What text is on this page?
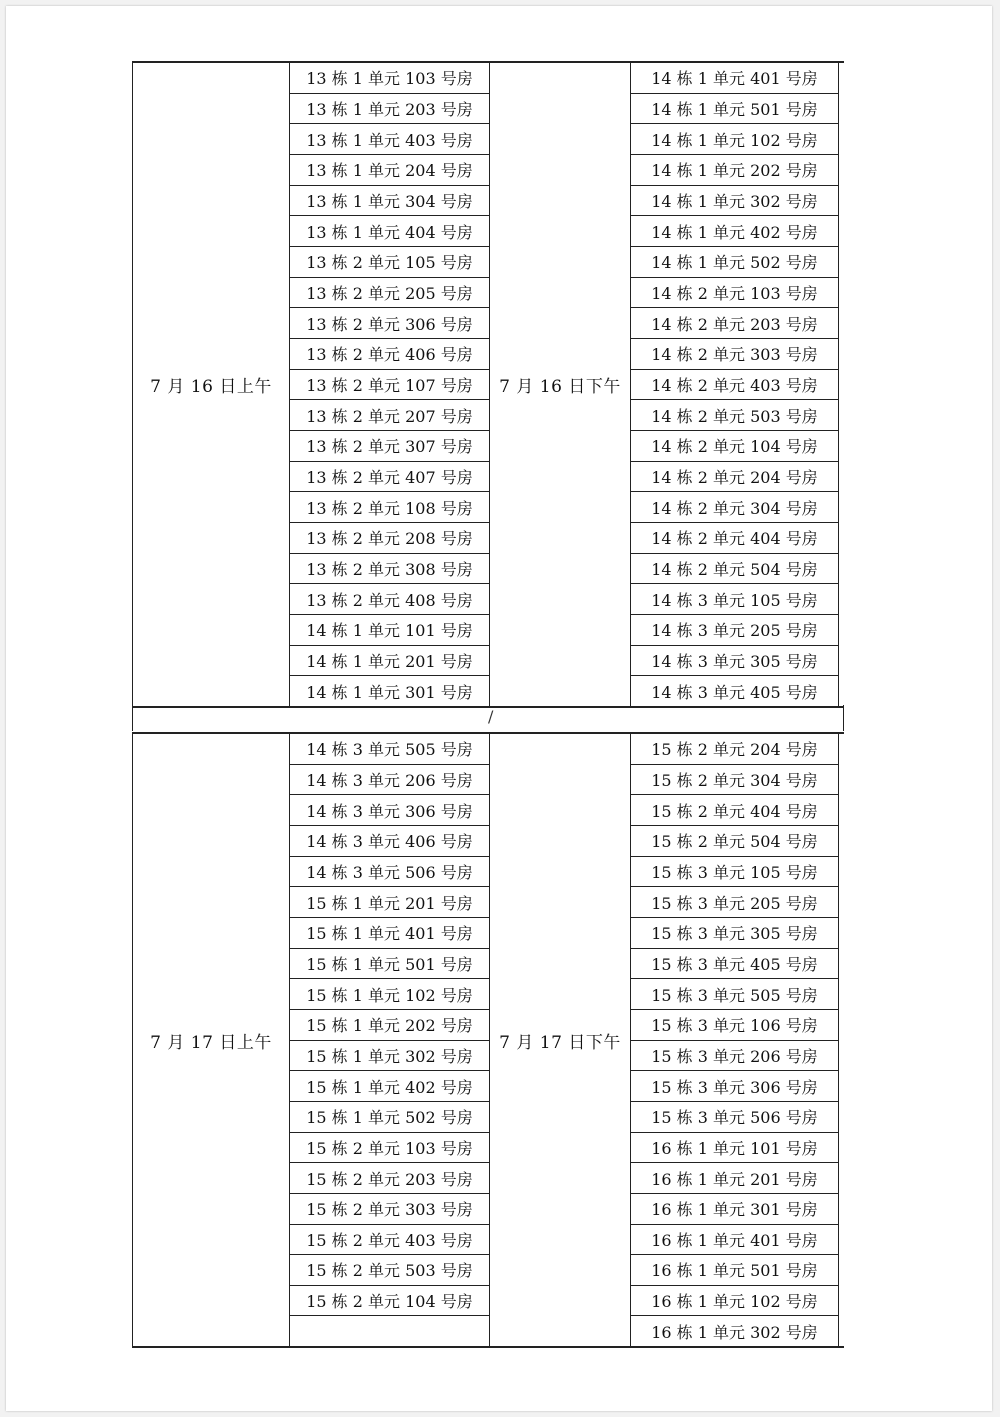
7 月 16 日上午
13 栋 1 单元 103 号房
13 栋 1 单元 203 号房
13 栋 1 单元 403 号房
13 栋 1 单元 204 号房
13 栋 1 单元 304 号房
13 栋 1 单元 404 号房
13 栋 2 单元 105 号房
13 栋 2 单元 205 号房
13 栋 2 单元 306 号房
13 栋 2 单元 406 号房
13 栋 2 单元 107 号房
13 栋 2 单元 207 号房
13 栋 2 单元 307 号房
13 栋 2 单元 407 号房
13 栋 2 单元 108 号房
13 栋 2 单元 208 号房
13 栋 2 单元 308 号房
13 栋 2 单元 408 号房
14 栋 1 单元 101 号房
14 栋 1 单元 201 号房
14 栋 1 单元 301 号房
7 月 16 日下午
14 栋 1 单元 401 号房
14 栋 1 单元 501 号房
14 栋 1 单元 102 号房
14 栋 1 单元 202 号房
14 栋 1 单元 302 号房
14 栋 1 单元 402 号房
14 栋 1 单元 502 号房
14 栋 2 单元 103 号房
14 栋 2 单元 203 号房
14 栋 2 单元 303 号房
14 栋 2 单元 403 号房
14 栋 2 单元 503 号房
14 栋 2 单元 104 号房
14 栋 2 单元 204 号房
14 栋 2 单元 304 号房
14 栋 2 单元 404 号房
14 栋 2 单元 504 号房
14 栋 3 单元 105 号房
14 栋 3 单元 205 号房
14 栋 3 单元 305 号房
14 栋 3 单元 405 号房
/
7 月 17 日上午
14 栋 3 单元 505 号房
14 栋 3 单元 206 号房
14 栋 3 单元 306 号房
14 栋 3 单元 406 号房
14 栋 3 单元 506 号房
15 栋 1 单元 201 号房
15 栋 1 单元 401 号房
15 栋 1 单元 501 号房
15 栋 1 单元 102 号房
15 栋 1 单元 202 号房
15 栋 1 单元 302 号房
15 栋 1 单元 402 号房
15 栋 1 单元 502 号房
15 栋 2 单元 103 号房
15 栋 2 单元 203 号房
15 栋 2 单元 303 号房
15 栋 2 单元 403 号房
15 栋 2 单元 503 号房
15 栋 2 单元 104 号房
7 月 17 日下午
15 栋 2 单元 204 号房
15 栋 2 单元 304 号房
15 栋 2 单元 404 号房
15 栋 2 单元 504 号房
15 栋 3 单元 105 号房
15 栋 3 单元 205 号房
15 栋 3 单元 305 号房
15 栋 3 单元 405 号房
15 栋 3 单元 505 号房
15 栋 3 单元 106 号房
15 栋 3 单元 206 号房
15 栋 3 单元 306 号房
15 栋 3 单元 506 号房
16 栋 1 单元 101 号房
16 栋 1 单元 201 号房
16 栋 1 单元 301 号房
16 栋 1 单元 401 号房
16 栋 1 单元 501 号房
16 栋 1 单元 102 号房
16 栋 1 单元 302 号房
